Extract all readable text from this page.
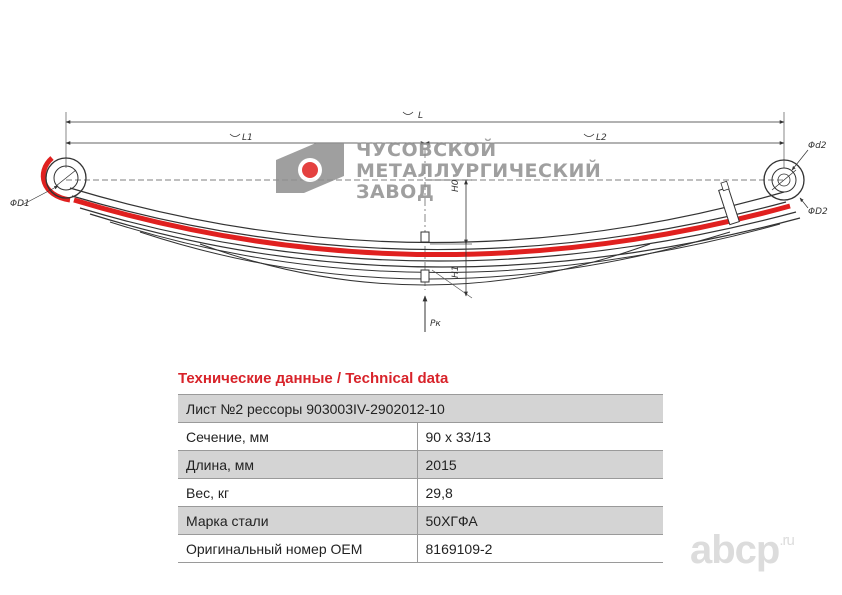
L
L1	L2
ΦD1
Φd2
ΦD2
H0
H1
Pк
ЧУСОВСКОЙ
МЕТАЛЛУРГИЧЕСКИЙ
ЗАВОД
Технические данные / Technical data
Лист №2 рессоры 903003IV-2902012-10	
Сечение, мм	90 x 33/13
Длина, мм	2015
Вес, кг	29,8
Марка стали	50ХГФА
Оригинальный номер OEM	8169109-2	abcp$^{.ru}$
